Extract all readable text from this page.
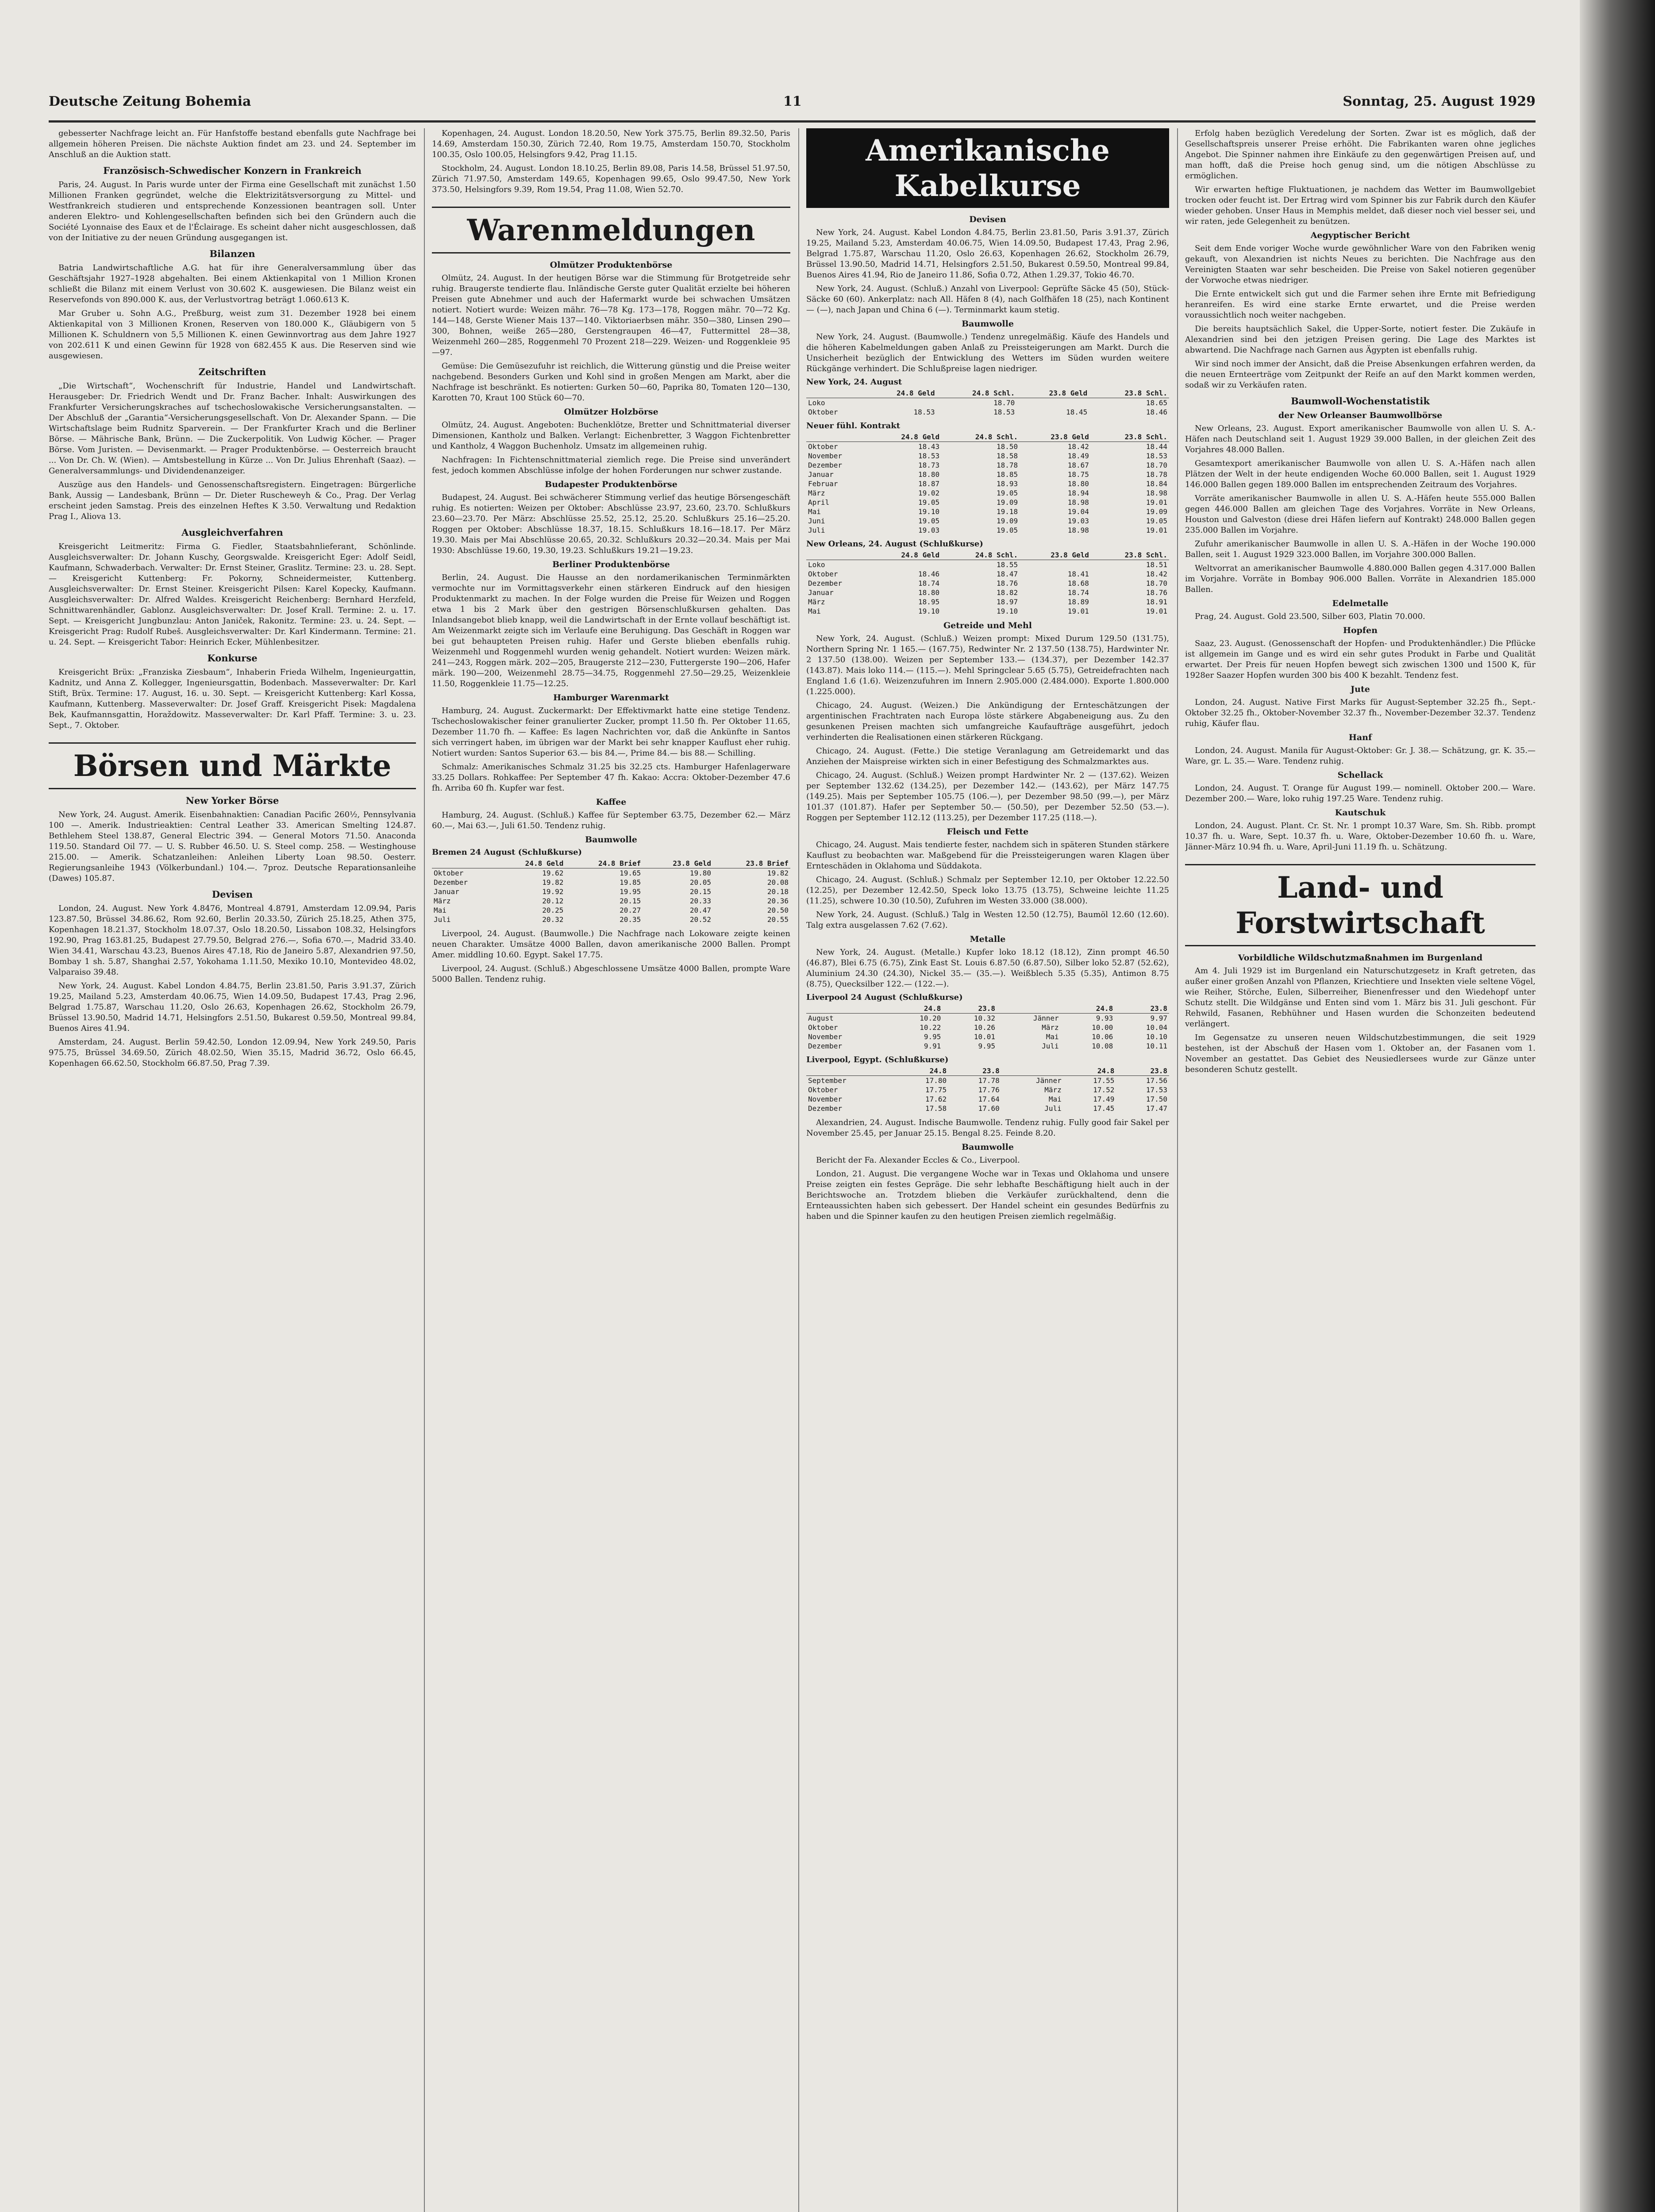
Deutsche Zeitung Bohemia	11	Sonntag, 25. August 1929

gebesserter Nachfrage leicht an. Für Hanfstoffe bestand ebenfalls gute Nachfrage bei allgemein höheren Preisen. Die nächste Auktion findet am 23. und 24. September im Anschluß an die Auktion statt.

Französisch-Schwedischer Konzern in Frankreich

Paris, 24. August. In Paris wurde unter der Firma eine Gesellschaft mit zunächst 1.50 Millionen Franken gegründet, welche die Elektrizitätsversorgung zu Mittel- und Westfrankreich studieren und entsprechende Konzessionen beantragen soll. Unter anderen Elektro- und Kohlengesellschaften befinden sich bei den Gründern auch die Société Lyonnaise des Eaux et de l'Éclairage. Es scheint daher nicht ausgeschlossen, daß von der Initiative zu der neuen Gründung ausgegangen ist.

Bilanzen

Batria Landwirtschaftliche A.G. hat für ihre Generalversammlung über das Geschäftsjahr 1927–1928 abgehalten. Bei einem Aktienkapital von 1 Million Kronen schließt die Bilanz mit einem Verlust von 30.602 K. ausgewiesen. Die Bilanz weist ein Reservefonds von 890.000 K. aus, der Verlustvortrag beträgt 1.060.613 K.

Mar Gruber u. Sohn A.G., Preßburg, weist zum 31. Dezember 1928 bei einem Aktienkapital von 3 Millionen Kronen, Reserven von 180.000 K., Gläubigern von 5 Millionen K. Schuldnern von 5,5 Millionen K. einen Gewinnvortrag aus dem Jahre 1927 von 202.611 K und einen Gewinn für 1928 von 682.455 K aus. Die Reserven sind wie ausgewiesen.

Zeitschriften

„Die Wirtschaft“, Wochenschrift für Industrie, Handel und Landwirtschaft. Herausgeber: Dr. Friedrich Wendt und Dr. Franz Bacher. Inhalt: Auswirkungen des Frankfurter Versicherungskraches auf tschechoslowakische Versicherungsanstalten. — Der Abschluß der „Garantia“-Versicherungsgesellschaft. Von Dr. Alexander Spann. — Die Wirtschaftslage beim Rudnitz Sparverein. — Der Frankfurter Krach und die Berliner Börse. — Mährische Bank, Brünn. — Die Zuckerpolitik. Von Ludwig Köcher. — Prager Börse. Vom Juristen. — Devisenmarkt. — Prager Produktenbörse. — Oesterreich braucht ... Von Dr. Ch. W. (Wien). — Amtsbestellung in Kürze ... Von Dr. Julius Ehrenhaft (Saaz). — Generalversammlungs- und Dividendenanzeiger.

Auszüge aus den Handels- und Genossenschaftsregistern. Eingetragen: Bürgerliche Bank, Aussig — Landesbank, Brünn — Dr. Dieter Ruscheweyh & Co., Prag. Der Verlag erscheint jeden Samstag. Preis des einzelnen Heftes K 3.50. Verwaltung und Redaktion Prag I., Aliova 13.

Ausgleichverfahren

Kreisgericht Leitmeritz: Firma G. Fiedler, Staatsbahnlieferant, Schönlinde. Ausgleichsverwalter: Dr. Johann Kuschy, Georgswalde. Kreisgericht Eger: Adolf Seidl, Kaufmann, Schwaderbach. Verwalter: Dr. Ernst Steiner, Graslitz. Termine: 23. u. 28. Sept. — Kreisgericht Kuttenberg: Fr. Pokorny, Schneidermeister, Kuttenberg. Ausgleichsverwalter: Dr. Ernst Steiner. Kreisgericht Pilsen: Karel Kopecky, Kaufmann. Ausgleichsverwalter: Dr. Alfred Waldes. Kreisgericht Reichenberg: Bernhard Herzfeld, Schnittwarenhändler, Gablonz. Ausgleichsverwalter: Dr. Josef Krall. Termine: 2. u. 17. Sept. — Kreisgericht Jungbunzlau: Anton Janiček, Rakonitz. Termine: 23. u. 24. Sept. — Kreisgericht Prag: Rudolf Rubeš. Ausgleichsverwalter: Dr. Karl Kindermann. Termine: 21. u. 24. Sept. — Kreisgericht Tabor: Heinrich Ecker, Mühlenbesitzer.

Konkurse

Kreisgericht Brüx: „Franziska Ziesbaum“, Inhaberin Frieda Wilhelm, Ingenieurgattin, Kadnitz, und Anna Z. Kollegger, Ingenieursgattin, Bodenbach. Masseverwalter: Dr. Karl Stift, Brüx. Termine: 17. August, 16. u. 30. Sept. — Kreisgericht Kuttenberg: Karl Kossa, Kaufmann, Kuttenberg. Masseverwalter: Dr. Josef Graff. Kreisgericht Pisek: Magdalena Bek, Kaufmannsgattin, Horaždowitz. Masseverwalter: Dr. Karl Pfaff. Termine: 3. u. 23. Sept., 7. Oktober.

Börsen und Märkte
New Yorker Börse

New York, 24. August. Amerik. Eisenbahnaktien: Canadian Pacific 260½, Pennsylvania 100 —. Amerik. Industrieaktien: Central Leather 33. American Smelting 124.87. Bethlehem Steel 138.87, General Electric 394. — General Motors 71.50. Anaconda 119.50. Standard Oil 77. — U. S. Rubber 46.50. U. S. Steel comp. 258. — Westinghouse 215.00. — Amerik. Schatzanleihen: Anleihen Liberty Loan 98.50. Oesterr. Regierungsanleihe 1943 (Völkerbundanl.) 104.—. 7proz. Deutsche Reparationsanleihe (Dawes) 105.87.

Devisen

London, 24. August. New York 4.8476, Montreal 4.8791, Amsterdam 12.09.94, Paris 123.87.50, Brüssel 34.86.62, Rom 92.60, Berlin 20.33.50, Zürich 25.18.25, Athen 375, Kopenhagen 18.21.37, Stockholm 18.07.37, Oslo 18.20.50, Lissabon 108.32, Helsingfors 192.90, Prag 163.81.25, Budapest 27.79.50, Belgrad 276.—, Sofia 670.—, Madrid 33.40. Wien 34.41, Warschau 43.23, Buenos Aires 47.18, Rio de Janeiro 5.87, Alexandrien 97.50, Bombay 1 sh. 5.87, Shanghai 2.57, Yokohama 1.11.50, Mexiko 10.10, Montevideo 48.02, Valparaiso 39.48.

New York, 24. August. Kabel London 4.84.75, Berlin 23.81.50, Paris 3.91.37, Zürich 19.25, Mailand 5.23, Amsterdam 40.06.75, Wien 14.09.50, Budapest 17.43, Prag 2.96, Belgrad 1.75.87, Warschau 11.20, Oslo 26.63, Kopenhagen 26.62, Stockholm 26.79, Brüssel 13.90.50, Madrid 14.71, Helsingfors 2.51.50, Bukarest 0.59.50, Montreal 99.84, Buenos Aires 41.94.

Amsterdam, 24. August. Berlin 59.42.50, London 12.09.94, New York 249.50, Paris 975.75, Brüssel 34.69.50, Zürich 48.02.50, Wien 35.15, Madrid 36.72, Oslo 66.45, Kopenhagen 66.62.50, Stockholm 66.87.50, Prag 7.39.

Kopenhagen, 24. August. London 18.20.50, New York 375.75, Berlin 89.32.50, Paris 14.69, Amsterdam 150.30, Zürich 72.40, Rom 19.75, Amsterdam 150.70, Stockholm 100.35, Oslo 100.05, Helsingfors 9.42, Prag 11.15.

Stockholm, 24. August. London 18.10.25, Berlin 89.08, Paris 14.58, Brüssel 51.97.50, Zürich 71.97.50, Amsterdam 149.65, Kopenhagen 99.65, Oslo 99.47.50, New York 373.50, Helsingfors 9.39, Rom 19.54, Prag 11.08, Wien 52.70.

Warenmeldungen
Olmützer Produktenbörse

Olmütz, 24. August. In der heutigen Börse war die Stimmung für Brotgetreide sehr ruhig. Braugerste tendierte flau. Inländische Gerste guter Qualität erzielte bei höheren Preisen gute Abnehmer und auch der Hafermarkt wurde bei schwachen Umsätzen notiert. Notiert wurde: Weizen mähr. 76—78 Kg. 173—178, Roggen mähr. 70—72 Kg. 144—148, Gerste Wiener Mais 137—140. Viktoriaerbsen mähr. 350—380, Linsen 290—300, Bohnen, weiße 265—280, Gerstengraupen 46—47, Futtermittel 28—38, Weizenmehl 260—285, Roggenmehl 70 Prozent 218—229. Weizen- und Roggenkleie 95—97.

Gemüse: Die Gemüsezufuhr ist reichlich, die Witterung günstig und die Preise weiter nachgebend. Besonders Gurken und Kohl sind in großen Mengen am Markt, aber die Nachfrage ist beschränkt. Es notierten: Gurken 50—60, Paprika 80, Tomaten 120—130, Karotten 70, Kraut 100 Stück 60—70.

Olmützer Holzbörse

Olmütz, 24. August. Angeboten: Buchenklötze, Bretter und Schnittmaterial diverser Dimensionen, Kantholz und Balken. Verlangt: Eichenbretter, 3 Waggon Fichtenbretter und Kantholz, 4 Waggon Buchenholz. Umsatz im allgemeinen ruhig.

Nachfragen: In Fichtenschnittmaterial ziemlich rege. Die Preise sind unverändert fest, jedoch kommen Abschlüsse infolge der hohen Forderungen nur schwer zustande.

Budapester Produktenbörse

Budapest, 24. August. Bei schwächerer Stimmung verlief das heutige Börsengeschäft ruhig. Es notierten: Weizen per Oktober: Abschlüsse 23.97, 23.60, 23.70. Schlußkurs 23.60—23.70. Per März: Abschlüsse 25.52, 25.12, 25.20. Schlußkurs 25.16—25.20. Roggen per Oktober: Abschlüsse 18.37, 18.15. Schlußkurs 18.16—18.17. Per März 19.30. Mais per Mai Abschlüsse 20.65, 20.32. Schlußkurs 20.32—20.34. Mais per Mai 1930: Abschlüsse 19.60, 19.30, 19.23. Schlußkurs 19.21—19.23.

Berliner Produktenbörse

Berlin, 24. August. Die Hausse an den nordamerikanischen Terminmärkten vermochte nur im Vormittagsverkehr einen stärkeren Eindruck auf den hiesigen Produktenmarkt zu machen. In der Folge wurden die Preise für Weizen und Roggen etwa 1 bis 2 Mark über den gestrigen Börsenschlußkursen gehalten. Das Inlandsangebot blieb knapp, weil die Landwirtschaft in der Ernte vollauf beschäftigt ist. Am Weizenmarkt zeigte sich im Verlaufe eine Beruhigung. Das Geschäft in Roggen war bei gut behaupteten Preisen ruhig. Hafer und Gerste blieben ebenfalls ruhig. Weizenmehl und Roggenmehl wurden wenig gehandelt. Notiert wurden: Weizen märk. 241—243, Roggen märk. 202—205, Braugerste 212—230, Futtergerste 190—206, Hafer märk. 190—200, Weizenmehl 28.75—34.75, Roggenmehl 27.50—29.25, Weizenkleie 11.50, Roggenkleie 11.75—12.25.

Hamburger Warenmarkt

Hamburg, 24. August. Zuckermarkt: Der Effektivmarkt hatte eine stetige Tendenz. Tschechoslowakischer feiner granulierter Zucker, prompt 11.50 fh. Per Oktober 11.65, Dezember 11.70 fh. — Kaffee: Es lagen Nachrichten vor, daß die Ankünfte in Santos sich verringert haben, im übrigen war der Markt bei sehr knapper Kauflust eher ruhig. Notiert wurden: Santos Superior 63.— bis 84.—, Prime 84.— bis 88.— Schilling.

Schmalz: Amerikanisches Schmalz 31.25 bis 32.25 cts. Hamburger Hafenlagerware 33.25 Dollars. Rohkaffee: Per September 47 fh. Kakao: Accra: Oktober-Dezember 47.6 fh. Arriba 60 fh. Kupfer war fest.

Kaffee

Hamburg, 24. August. (Schluß.) Kaffee für September 63.75, Dezember 62.— März 60.—, Mai 63.—, Juli 61.50. Tendenz ruhig.

Baumwolle
Bremen 24 August (Schlußkurse)
	24.8 Geld	24.8 Brief	23.8 Geld	23.8 Brief
Oktober	19.62	19.65	19.80	19.82
Dezember	19.82	19.85	20.05	20.08
Januar	19.92	19.95	20.15	20.18
März	20.12	20.15	20.33	20.36
Mai	20.25	20.27	20.47	20.50
Juli	20.32	20.35	20.52	20.55

Liverpool, 24. August. (Baumwolle.) Die Nachfrage nach Lokoware zeigte keinen neuen Charakter. Umsätze 4000 Ballen, davon amerikanische 2000 Ballen. Prompt Amer. middling 10.60. Egypt. Sakel 17.75.

Liverpool, 24. August. (Schluß.) Abgeschlossene Umsätze 4000 Ballen, prompte Ware 5000 Ballen. Tendenz ruhig.

Amerikanische Kabelkurse
Devisen

New York, 24. August. Kabel London 4.84.75, Berlin 23.81.50, Paris 3.91.37, Zürich 19.25, Mailand 5.23, Amsterdam 40.06.75, Wien 14.09.50, Budapest 17.43, Prag 2.96, Belgrad 1.75.87, Warschau 11.20, Oslo 26.63, Kopenhagen 26.62, Stockholm 26.79, Brüssel 13.90.50, Madrid 14.71, Helsingfors 2.51.50, Bukarest 0.59.50, Montreal 99.84, Buenos Aires 41.94, Rio de Janeiro 11.86, Sofia 0.72, Athen 1.29.37, Tokio 46.70.

New York, 24. August. (Schluß.) Anzahl von Liverpool: Geprüfte Säcke 45 (50), Stück-Säcke 60 (60). Ankerplatz: nach All. Häfen 8 (4), nach Golfhäfen 18 (25), nach Kontinent — (—), nach Japan und China 6 (—). Terminmarkt kaum stetig.

Baumwolle

New York, 24. August. (Baumwolle.) Tendenz unregelmäßig. Käufe des Handels und die höheren Kabelmeldungen gaben Anlaß zu Preissteigerungen am Markt. Durch die Unsicherheit bezüglich der Entwicklung des Wetters im Süden wurden weitere Rückgänge verhindert. Die Schlußpreise lagen niedriger.

New York, 24. August
	24.8 Geld	24.8 Schl.	23.8 Geld	23.8 Schl.
Loko		18.70		18.65
Oktober	18.53	18.53	18.45	18.46
Neuer fühl. Kontrakt
	24.8 Geld	24.8 Schl.	23.8 Geld	23.8 Schl.
Oktober	18.43	18.50	18.42	18.44
November	18.53	18.58	18.49	18.53
Dezember	18.73	18.78	18.67	18.70
Januar	18.80	18.85	18.75	18.78
Februar	18.87	18.93	18.80	18.84
März	19.02	19.05	18.94	18.98
April	19.05	19.09	18.98	19.01
Mai	19.10	19.18	19.04	19.09
Juni	19.05	19.09	19.03	19.05
Juli	19.03	19.05	18.98	19.01
New Orleans, 24. August (Schlußkurse)
	24.8 Geld	24.8 Schl.	23.8 Geld	23.8 Schl.
Loko		18.55		18.51
Oktober	18.46	18.47	18.41	18.42
Dezember	18.74	18.76	18.68	18.70
Januar	18.80	18.82	18.74	18.76
März	18.95	18.97	18.89	18.91
Mai	19.10	19.10	19.01	19.01
Getreide und Mehl

New York, 24. August. (Schluß.) Weizen prompt: Mixed Durum 129.50 (131.75), Northern Spring Nr. 1 165.— (167.75), Redwinter Nr. 2 137.50 (138.75), Hardwinter Nr. 2 137.50 (138.00). Weizen per September 133.— (134.37), per Dezember 142.37 (143.87). Mais loko 114.— (115.—). Mehl Springclear 5.65 (5.75), Getreidefrachten nach England 1.6 (1.6). Weizenzufuhren im Innern 2.905.000 (2.484.000). Exporte 1.800.000 (1.225.000).

Chicago, 24. August. (Weizen.) Die Ankündigung der Ernteschätzungen der argentinischen Frachtraten nach Europa löste stärkere Abgabeneigung aus. Zu den gesunkenen Preisen machten sich umfangreiche Kaufaufträge ausgeführt, jedoch verhinderten die Realisationen einen stärkeren Rückgang.

Chicago, 24. August. (Fette.) Die stetige Veranlagung am Getreidemarkt und das Anziehen der Maispreise wirkten sich in einer Befestigung des Schmalzmarktes aus.

Chicago, 24. August. (Schluß.) Weizen prompt Hardwinter Nr. 2 — (137.62). Weizen per September 132.62 (134.25), per Dezember 142.— (143.62), per März 147.75 (149.25). Mais per September 105.75 (106.—), per Dezember 98.50 (99.—), per März 101.37 (101.87). Hafer per September 50.— (50.50), per Dezember 52.50 (53.—). Roggen per September 112.12 (113.25), per Dezember 117.25 (118.—).

Fleisch und Fette

Chicago, 24. August. Mais tendierte fester, nachdem sich in späteren Stunden stärkere Kauflust zu beobachten war. Maßgebend für die Preissteigerungen waren Klagen über Ernteschäden in Oklahoma und Süddakota.

Chicago, 24. August. (Schluß.) Schmalz per September 12.10, per Oktober 12.22.50 (12.25), per Dezember 12.42.50, Speck loko 13.75 (13.75), Schweine leichte 11.25 (11.25), schwere 10.30 (10.50), Zufuhren im Westen 33.000 (38.000).

New York, 24. August. (Schluß.) Talg in Westen 12.50 (12.75), Baumöl 12.60 (12.60). Talg extra ausgelassen 7.62 (7.62).

Metalle

New York, 24. August. (Metalle.) Kupfer loko 18.12 (18.12), Zinn prompt 46.50 (46.87), Blei 6.75 (6.75), Zink East St. Louis 6.87.50 (6.87.50), Silber loko 52.87 (52.62), Aluminium 24.30 (24.30), Nickel 35.— (35.—). Weißblech 5.35 (5.35), Antimon 8.75 (8.75), Quecksilber 122.— (122.—).

Liverpool 24 August (Schlußkurse)
	24.8	23.8		24.8	23.8
August	10.20	10.32	Jänner	9.93	9.97
Oktober	10.22	10.26	März	10.00	10.04
November	9.95	10.01	Mai	10.06	10.10
Dezember	9.91	9.95	Juli	10.08	10.11
Liverpool, Egypt. (Schlußkurse)
	24.8	23.8		24.8	23.8
September	17.80	17.78	Jänner	17.55	17.56
Oktober	17.75	17.76	März	17.52	17.53
November	17.62	17.64	Mai	17.49	17.50
Dezember	17.58	17.60	Juli	17.45	17.47

Alexandrien, 24. August. Indische Baumwolle. Tendenz ruhig. Fully good fair Sakel per November 25.45, per Januar 25.15. Bengal 8.25. Feinde 8.20.

Baumwolle

Bericht der Fa. Alexander Eccles & Co., Liverpool.

London, 21. August. Die vergangene Woche war in Texas und Oklahoma und unsere Preise zeigten ein festes Gepräge. Die sehr lebhafte Beschäftigung hielt auch in der Berichtswoche an. Trotzdem blieben die Verkäufer zurückhaltend, denn die Ernteaussichten haben sich gebessert. Der Handel scheint ein gesundes Bedürfnis zu haben und die Spinner kaufen zu den heutigen Preisen ziemlich regelmäßig.

Erfolg haben bezüglich Veredelung der Sorten. Zwar ist es möglich, daß der Gesellschaftspreis unserer Preise erhöht. Die Fabrikanten waren ohne jegliches Angebot. Die Spinner nahmen ihre Einkäufe zu den gegenwärtigen Preisen auf, und man hofft, daß die Preise hoch genug sind, um die nötigen Abschlüsse zu ermöglichen.

Wir erwarten heftige Fluktuationen, je nachdem das Wetter im Baumwollgebiet trocken oder feucht ist. Der Ertrag wird vom Spinner bis zur Fabrik durch den Käufer wieder gehoben. Unser Haus in Memphis meldet, daß dieser noch viel besser sei, und wir raten, jede Gelegenheit zu benützen.

Aegyptischer Bericht

Seit dem Ende voriger Woche wurde gewöhnlicher Ware von den Fabriken wenig gekauft, von Alexandrien ist nichts Neues zu berichten. Die Nachfrage aus den Vereinigten Staaten war sehr bescheiden. Die Preise von Sakel notieren gegenüber der Vorwoche etwas niedriger.

Die Ernte entwickelt sich gut und die Farmer sehen ihre Ernte mit Befriedigung heranreifen. Es wird eine starke Ernte erwartet, und die Preise werden voraussichtlich noch weiter nachgeben.

Die bereits hauptsächlich Sakel, die Upper-Sorte, notiert fester. Die Zukäufe in Alexandrien sind bei den jetzigen Preisen gering. Die Lage des Marktes ist abwartend. Die Nachfrage nach Garnen aus Ägypten ist ebenfalls ruhig.

Wir sind noch immer der Ansicht, daß die Preise Absenkungen erfahren werden, da die neuen Ernteerträge vom Zeitpunkt der Reife an auf den Markt kommen werden, sodaß wir zu Verkäufen raten.

Baumwoll-Wochenstatistik
der New Orleanser Baumwollbörse

New Orleans, 23. August. Export amerikanischer Baumwolle von allen U. S. A.-Häfen nach Deutschland seit 1. August 1929 39.000 Ballen, in der gleichen Zeit des Vorjahres 48.000 Ballen.

Gesamtexport amerikanischer Baumwolle von allen U. S. A.-Häfen nach allen Plätzen der Welt in der heute endigenden Woche 60.000 Ballen, seit 1. August 1929 146.000 Ballen gegen 189.000 Ballen im entsprechenden Zeitraum des Vorjahres.

Vorräte amerikanischer Baumwolle in allen U. S. A.-Häfen heute 555.000 Ballen gegen 446.000 Ballen am gleichen Tage des Vorjahres. Vorräte in New Orleans, Houston und Galveston (diese drei Häfen liefern auf Kontrakt) 248.000 Ballen gegen 235.000 Ballen im Vorjahre.

Zufuhr amerikanischer Baumwolle in allen U. S. A.-Häfen in der Woche 190.000 Ballen, seit 1. August 1929 323.000 Ballen, im Vorjahre 300.000 Ballen.

Weltvorrat an amerikanischer Baumwolle 4.880.000 Ballen gegen 4.317.000 Ballen im Vorjahre. Vorräte in Bombay 906.000 Ballen. Vorräte in Alexandrien 185.000 Ballen.

Edelmetalle

Prag, 24. August. Gold 23.500, Silber 603, Platin 70.000.

Hopfen

Saaz, 23. August. (Genossenschaft der Hopfen- und Produktenhändler.) Die Pflücke ist allgemein im Gange und es wird ein sehr gutes Produkt in Farbe und Qualität erwartet. Der Preis für neuen Hopfen bewegt sich zwischen 1300 und 1500 K, für 1928er Saazer Hopfen wurden 300 bis 400 K bezahlt. Tendenz fest.

Jute

London, 24. August. Native First Marks für August-September 32.25 fh., Sept.-Oktober 32.25 fh., Oktober-November 32.37 fh., November-Dezember 32.37. Tendenz ruhig, Käufer flau.

Hanf

London, 24. August. Manila für August-Oktober: Gr. J. 38.— Schätzung, gr. K. 35.— Ware, gr. L. 35.— Ware. Tendenz ruhig.

Schellack

London, 24. August. T. Orange für August 199.— nominell. Oktober 200.— Ware. Dezember 200.— Ware, loko ruhig 197.25 Ware. Tendenz ruhig.

Kautschuk

London, 24. August. Plant. Cr. St. Nr. 1 prompt 10.37 Ware, Sm. Sh. Ribb. prompt 10.37 fh. u. Ware, Sept. 10.37 fh. u. Ware, Oktober-Dezember 10.60 fh. u. Ware, Jänner-März 10.94 fh. u. Ware, April-Juni 11.19 fh. u. Schätzung.

Land- und Forstwirtschaft
Vorbildliche Wildschutzmaßnahmen im Burgenland

Am 4. Juli 1929 ist im Burgenland ein Naturschutzgesetz in Kraft getreten, das außer einer großen Anzahl von Pflanzen, Kriechtiere und Insekten viele seltene Vögel, wie Reiher, Störche, Eulen, Silberreiher, Bienenfresser und den Wiedehopf unter Schutz stellt. Die Wildgänse und Enten sind vom 1. März bis 31. Juli geschont. Für Rehwild, Fasanen, Rebhühner und Hasen wurden die Schonzeiten bedeutend verlängert.

Im Gegensatze zu unseren neuen Wildschutzbestimmungen, die seit 1929 bestehen, ist der Abschuß der Hasen vom 1. Oktober an, der Fasanen vom 1. November an gestattet. Das Gebiet des Neusiedlersees wurde zur Gänze unter besonderen Schutz gestellt.
